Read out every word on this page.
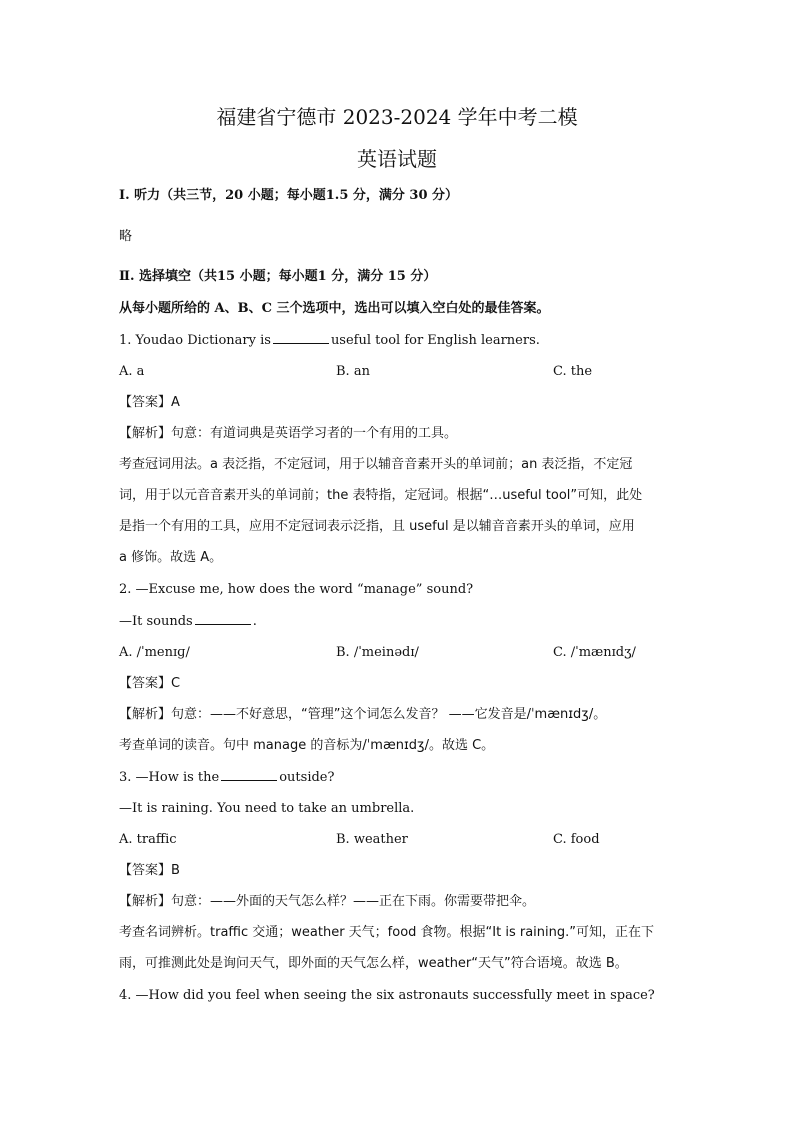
福建省宁德市 2023-2024 学年中考二模
英语试题
Ⅰ. 听力（共三节，20 小题；每小题1.5 分，满分 30 分）
略
Ⅱ. 选择填空（共15 小题；每小题1 分，满分 15 分）
从每小题所给的 A、B、C 三个选项中，选出可以填入空白处的最佳答案。
1. Youdao Dictionary is	useful tool for English learners.
A. a	B. an	C. the
【答案】A
【解析】句意：有道词典是英语学习者的一个有用的工具。
考查冠词用法。a 表泛指，不定冠词，用于以辅音音素开头的单词前；an 表泛指，不定冠
词，用于以元音音素开头的单词前；the 表特指，定冠词。根据“…useful tool”可知，此处
是指一个有用的工具，应用不定冠词表示泛指，且 useful 是以辅音音素开头的单词，应用
a 修饰。故选 A。
2. —Excuse me, how does the word “manage” sound?
—It sounds	.
A. /ˈmenɪɡ/	B. /ˈmeinədɪ/	C. /ˈmænɪdʒ/
【答案】C
【解析】句意：——不好意思，“管理”这个词怎么发音？ ——它发音是/ˈmænɪdʒ/。
考查单词的读音。句中 manage 的音标为/ˈmænɪdʒ/。故选 C。
3. —How is the	outside?
—It is raining. You need to take an umbrella.
A. traffic	B. weather	C. food
【答案】B
【解析】句意：——外面的天气怎么样？——正在下雨。你需要带把伞。
考查名词辨析。traffic 交通；weather 天气；food 食物。根据“It is raining.”可知，正在下
雨，可推测此处是询问天气，即外面的天气怎么样，weather“天气”符合语境。故选 B。
4. —How did you feel when seeing the six astronauts successfully meet in space?
